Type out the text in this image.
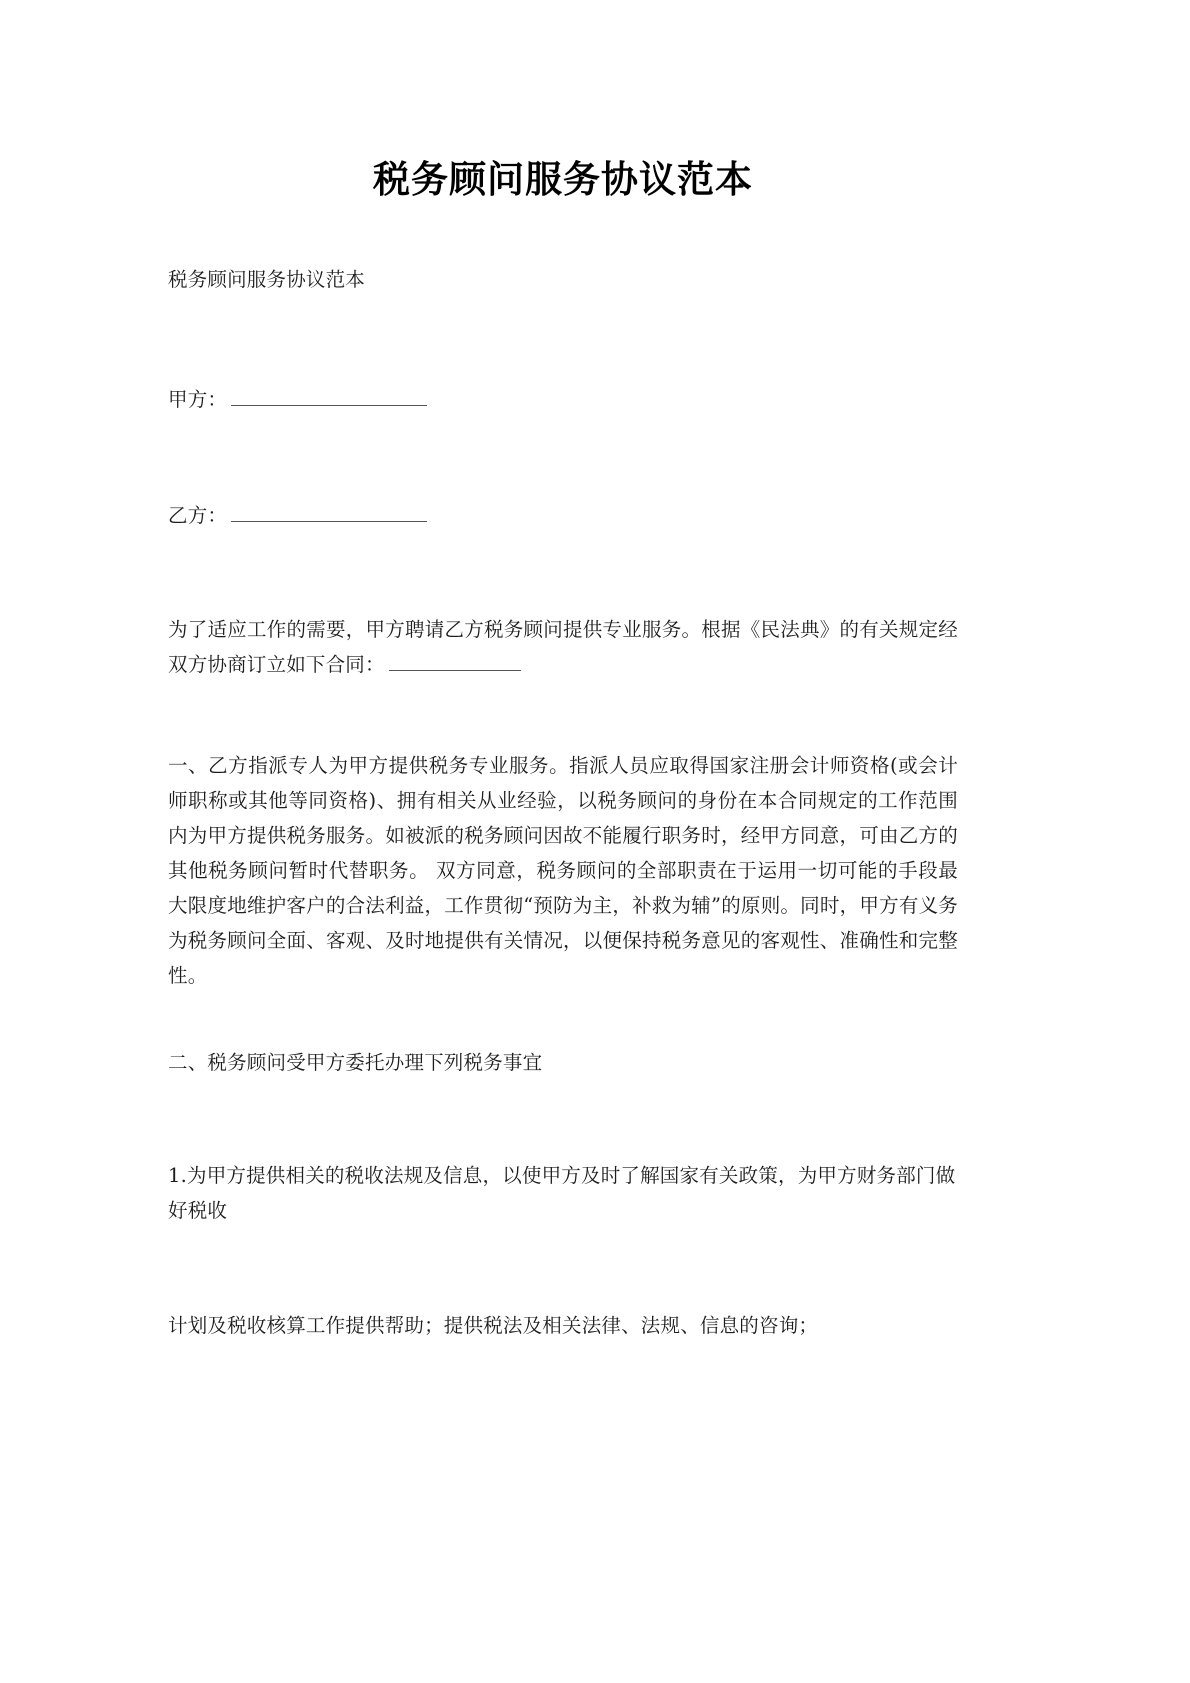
税务顾问服务协议范本

税务顾问服务协议范本

甲方：

乙方：

为了适应工作的需要，甲方聘请乙方税务顾问提供专业服务。根据《民法典》的有关规定经双方协商订立如下合同：

一、乙方指派专人为甲方提供税务专业服务。指派人员应取得国家注册会计师资格(或会计师职称或其他等同资格)、拥有相关从业经验，以税务顾问的身份在本合同规定的工作范围内为甲方提供税务服务。如被派的税务顾问因故不能履行职务时，经甲方同意，可由乙方的其他税务顾问暂时代替职务。 双方同意，税务顾问的全部职责在于运用一切可能的手段最大限度地维护客户的合法利益，工作贯彻“预防为主，补救为辅”的原则。同时，甲方有义务为税务顾问全面、客观、及时地提供有关情况，以便保持税务意见的客观性、准确性和完整性。

二、税务顾问受甲方委托办理下列税务事宜

1.为甲方提供相关的税收法规及信息，以使甲方及时了解国家有关政策，为甲方财务部门做好税收

计划及税收核算工作提供帮助；提供税法及相关法律、法规、信息的咨询；
